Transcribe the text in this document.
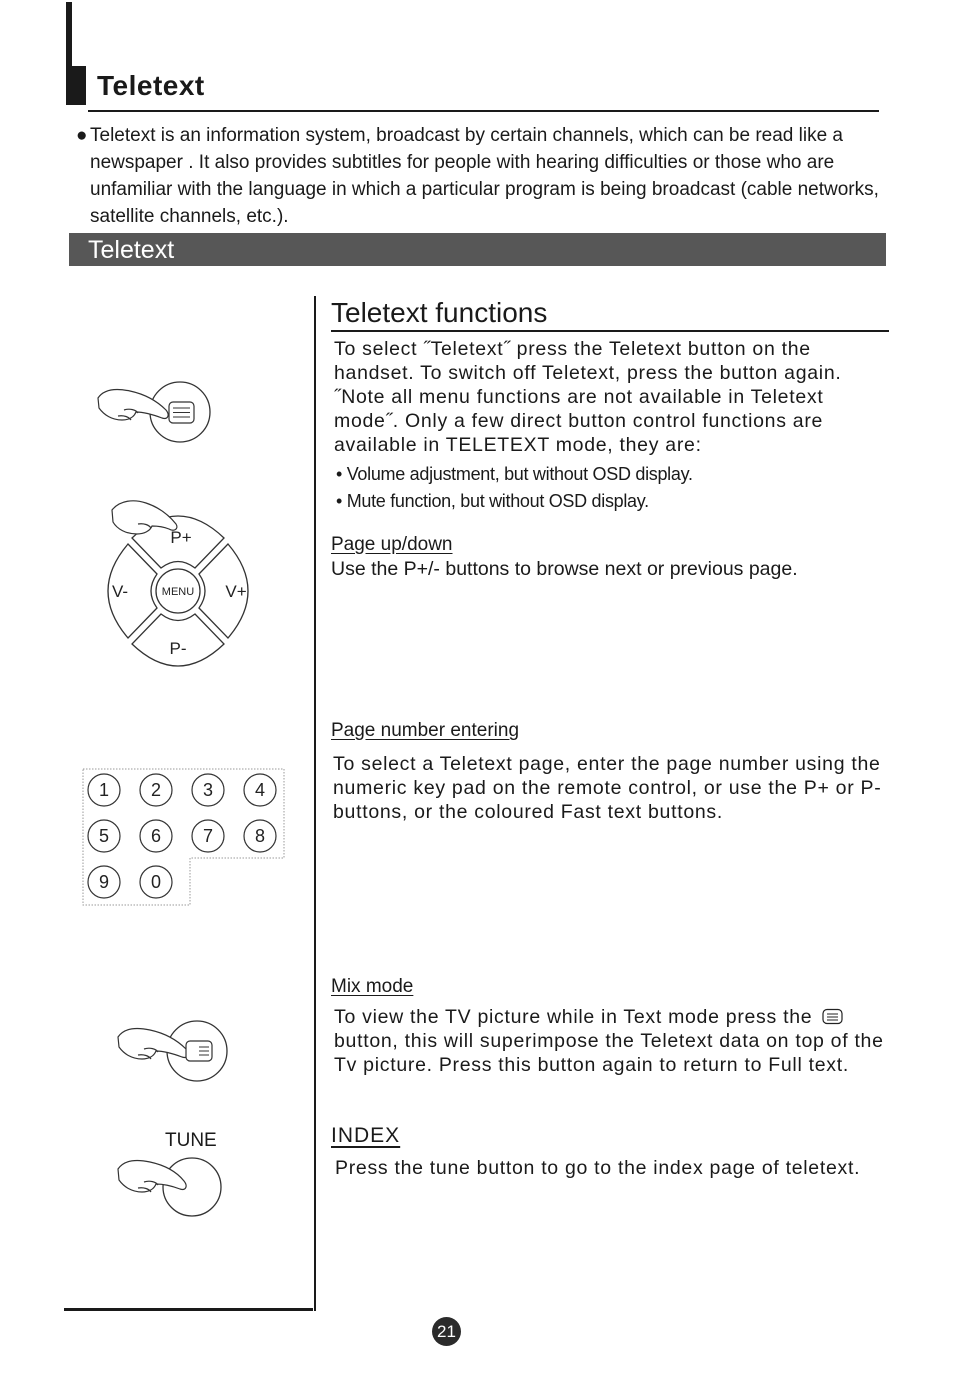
Teletext
● Teletext is an information system, broadcast by certain channels, which can be read like a newspaper . It also provides subtitles for people with hearing difficulties or those who are unfamiliar with the language in which a particular program is being broadcast (cable networks, satellite channels, etc.).
Teletext
Teletext functions
To select ˝Teletext˝ press the Teletext button on the handset. To switch off Teletext, press the button again. ˝Note all menu functions are not available in Teletext mode˝. Only a few direct button control functions are available in TELETEXT mode, they are:
• Volume adjustment, but without OSD display.
• Mute function, but without OSD display.
Page up/down
Use the P+/- buttons to browse next or previous page.
Page number entering
To select a Teletext page, enter the page number using the numeric key pad on the remote control, or use the P+ or P- buttons, or the coloured Fast text buttons.
Mix mode
To view the TV picture while in Text mode press the  button, this will superimpose the Teletext data on top of the Tv picture. Press this button again to return to Full text.
INDEX
Press the tune button to go to the index page of teletext.
P+
P-
V-	V+
MENU
1 2 3 4
5 6 7 8
9 0
TUNE
21
